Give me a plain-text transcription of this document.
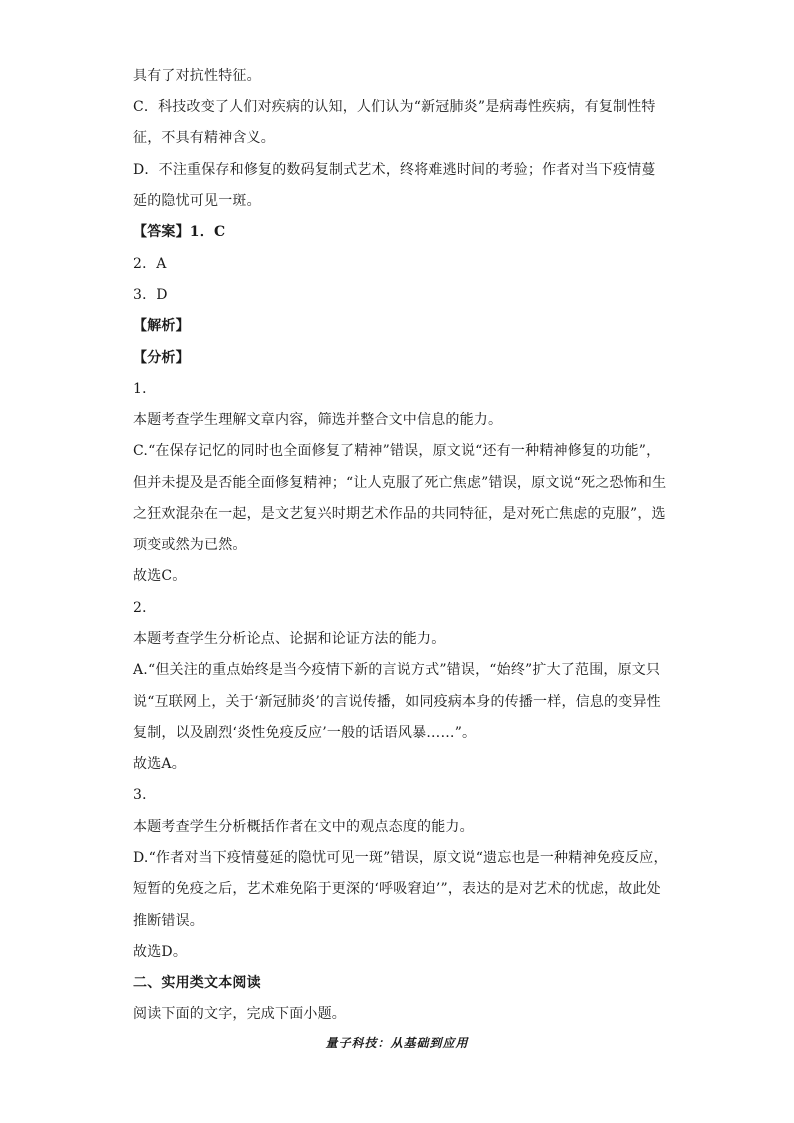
具有了对抗性特征。
C．科技改变了人们对疾病的认知，人们认为“新冠肺炎”是病毒性疾病，有复制性特
征，不具有精神含义。
D．不注重保存和修复的数码复制式艺术，终将难逃时间的考验；作者对当下疫情蔓
延的隐忧可见一斑。
【答案】1．C
2．A
3．D
【解析】
【分析】
1．
本题考查学生理解文章内容，筛选并整合文中信息的能力。
C.“在保存记忆的同时也全面修复了精神”错误，原文说“还有一种精神修复的功能”，
但并未提及是否能全面修复精神；“让人克服了死亡焦虑”错误，原文说“死之恐怖和生
之狂欢混杂在一起，是文艺复兴时期艺术作品的共同特征，是对死亡焦虑的克服”，选
项变或然为已然。
故选C。
2．
本题考查学生分析论点、论据和论证方法的能力。
A.“但关注的重点始终是当今疫情下新的言说方式”错误，“始终”扩大了范围，原文只
说“互联网上，关于‘新冠肺炎’的言说传播，如同疫病本身的传播一样，信息的变异性
复制，以及剧烈‘炎性免疫反应’一般的话语风暴……”。
故选A。
3．
本题考查学生分析概括作者在文中的观点态度的能力。
D.“作者对当下疫情蔓延的隐忧可见一斑”错误，原文说“遗忘也是一种精神免疫反应，
短暂的免疫之后，艺术难免陷于更深的‘呼吸窘迫’”，表达的是对艺术的忧虑，故此处
推断错误。
故选D。
二、实用类文本阅读
阅读下面的文字，完成下面小题。
量子科技：从基础到应用
